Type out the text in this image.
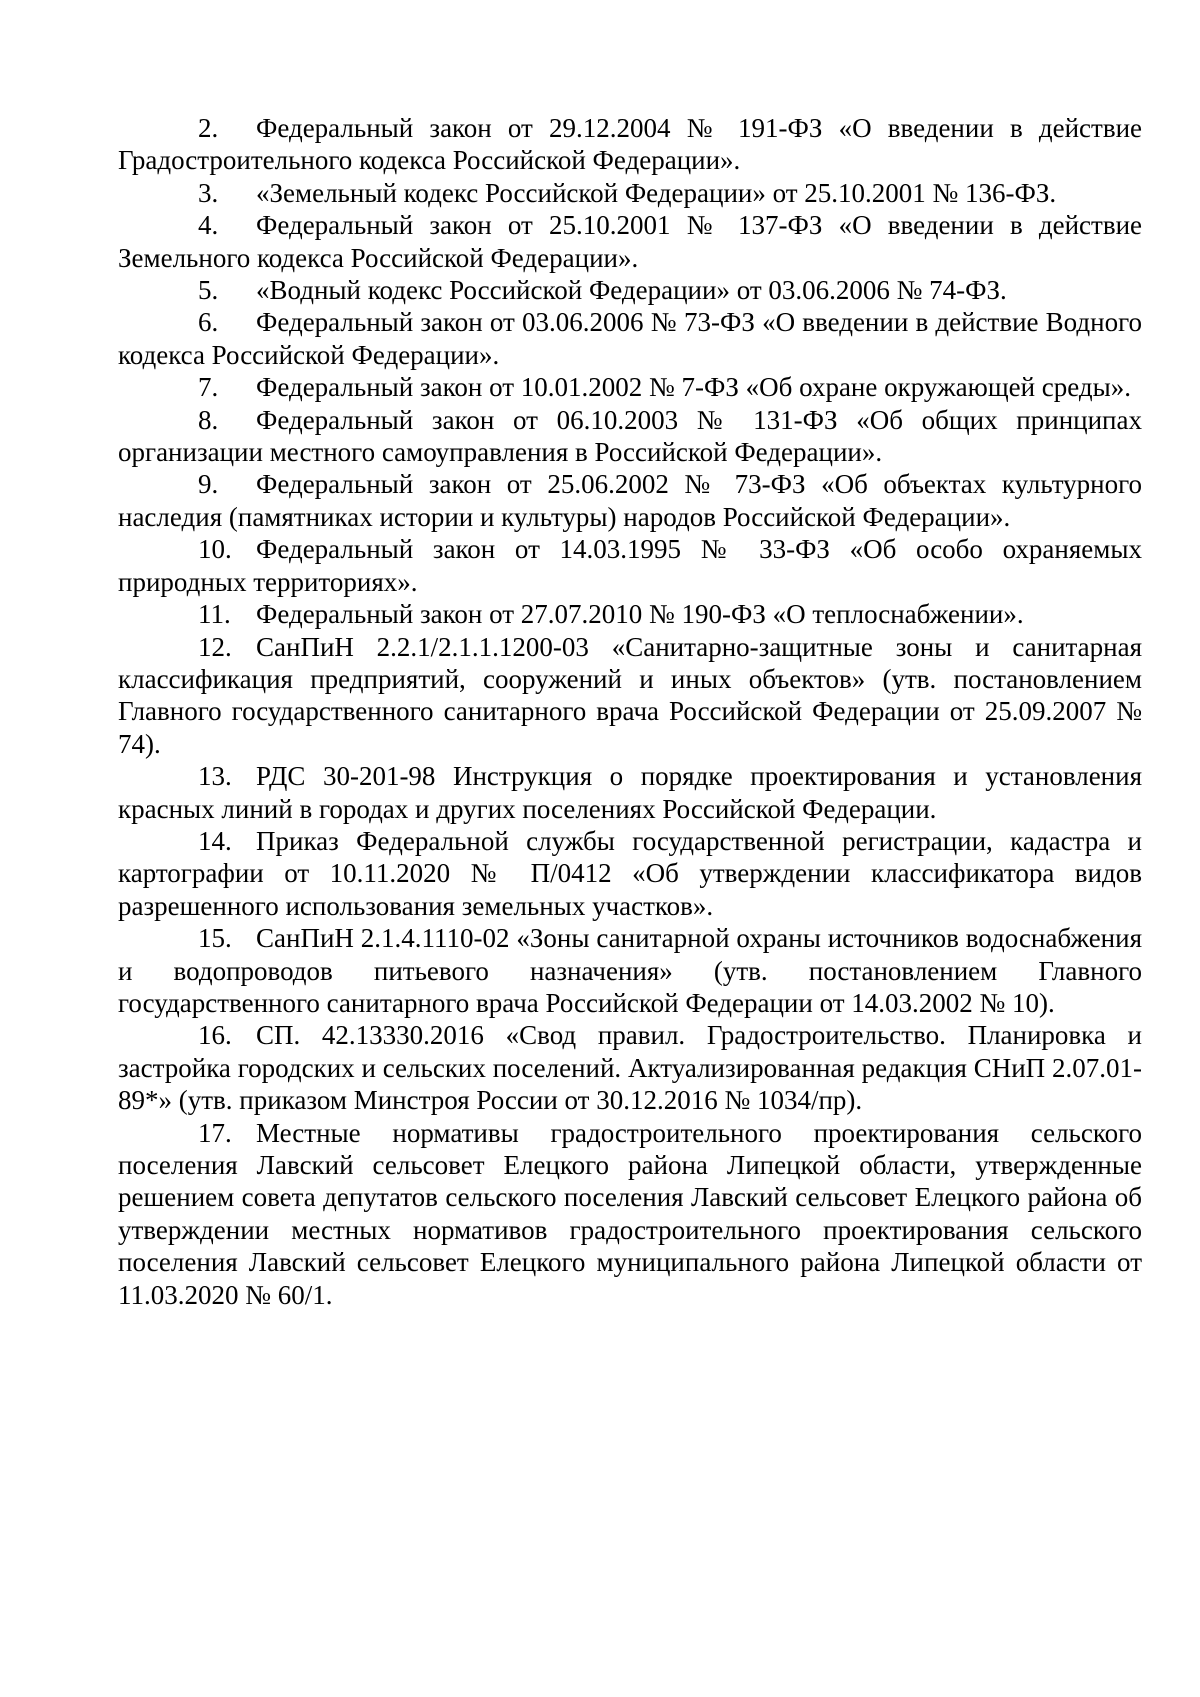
2. Федеральный закон от 29.12.2004 № 191-ФЗ «О введении в действие Градостроительного кодекса Российской Федерации».

3. «Земельный кодекс Российской Федерации» от 25.10.2001 № 136-ФЗ.

4. Федеральный закон от 25.10.2001 № 137-ФЗ «О введении в действие Земельного кодекса Российской Федерации».

5. «Водный кодекс Российской Федерации» от 03.06.2006 № 74-ФЗ.

6. Федеральный закон от 03.06.2006 № 73-ФЗ «О введении в действие Водного кодекса Российской Федерации».

7. Федеральный закон от 10.01.2002 № 7-ФЗ «Об охране окружающей среды».

8. Федеральный закон от 06.10.2003 № 131-ФЗ «Об общих принципах организации местного самоуправления в Российской Федерации».

9. Федеральный закон от 25.06.2002 № 73-ФЗ «Об объектах культурного наследия (памятниках истории и культуры) народов Российской Федерации».

10. Федеральный закон от 14.03.1995 № 33-ФЗ «Об особо охраняемых природных территориях».

11. Федеральный закон от 27.07.2010 № 190-ФЗ «О теплоснабжении».

12. СанПиН 2.2.1/2.1.1.1200-03 «Санитарно-защитные зоны и санитарная классификация предприятий, сооружений и иных объектов» (утв. постановлением Главного государственного санитарного врача Российской Федерации от 25.09.2007 № 74).

13. РДС 30-201-98 Инструкция о порядке проектирования и установления красных линий в городах и других поселениях Российской Федерации.

14. Приказ Федеральной службы государственной регистрации, кадастра и картографии от 10.11.2020 № П/0412 «Об утверждении классификатора видов разрешенного использования земельных участков».

15. СанПиН 2.1.4.1110-02 «Зоны санитарной охраны источников водоснабжения и водопроводов питьевого назначения» (утв. постановлением Главного государственного санитарного врача Российской Федерации от 14.03.2002 № 10).

16. СП. 42.13330.2016 «Свод правил. Градостроительство. Планировка и застройка городских и сельских поселений. Актуализированная редакция СНиП 2.07.01-89*» (утв. приказом Минстроя России от 30.12.2016 № 1034/пр).

17. Местные нормативы градостроительного проектирования сельского поселения Лавский сельсовет Елецкого района Липецкой области, утвержденные решением совета депутатов сельского поселения Лавский сельсовет Елецкого района об утверждении местных нормативов градостроительного проектирования сельского поселения Лавский сельсовет Елецкого муниципального района Липецкой области от 11.03.2020 № 60/1.
